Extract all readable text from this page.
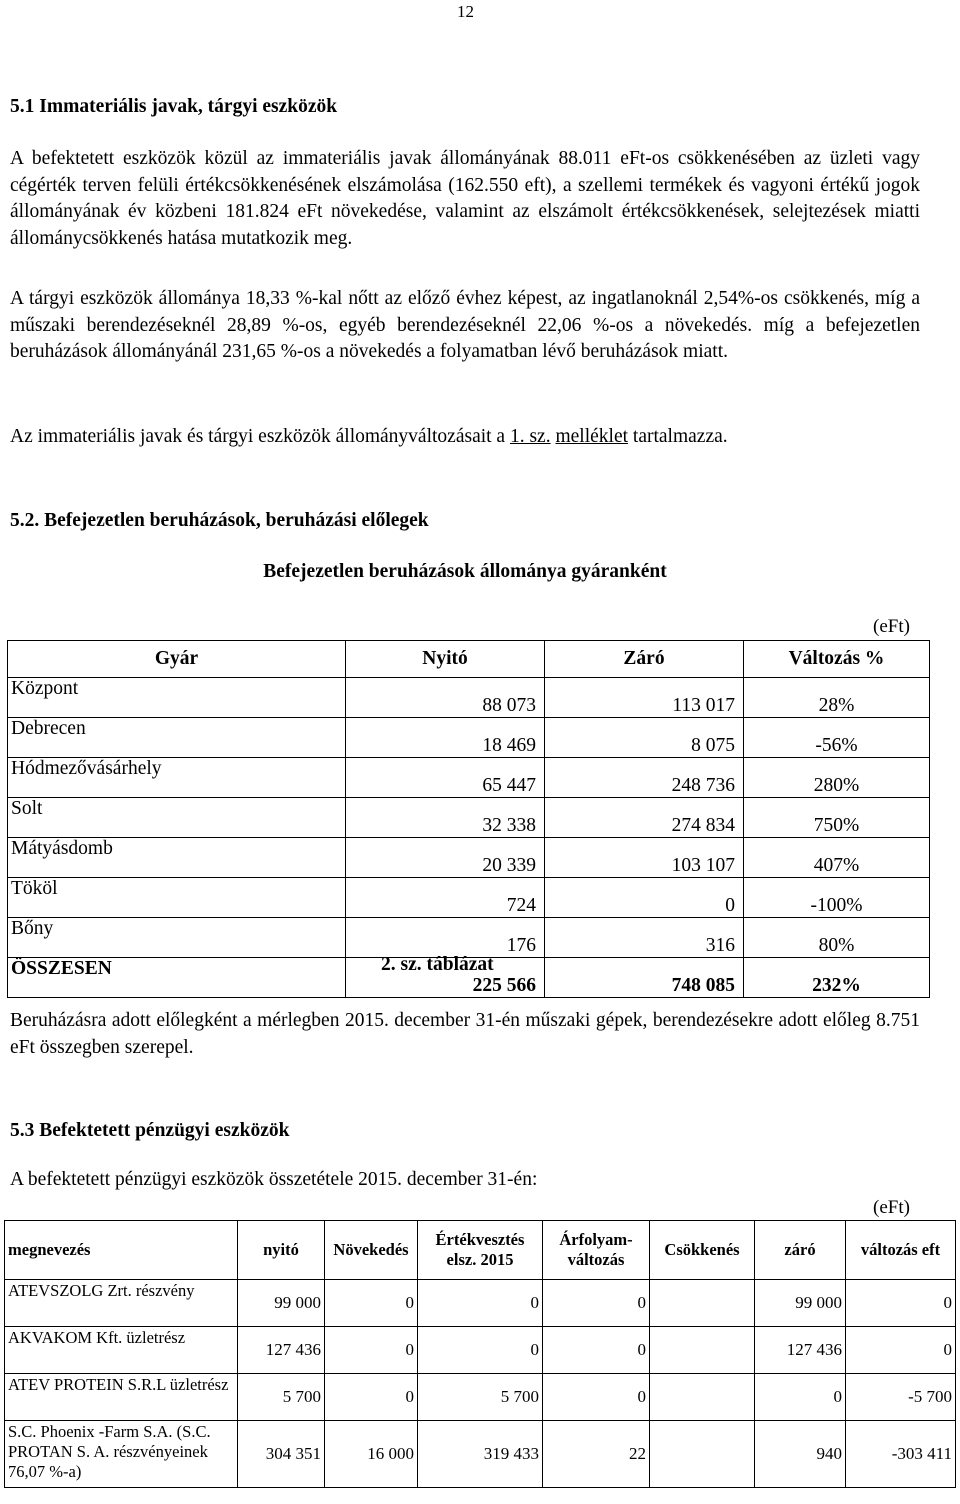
12
5.1 Immateriális javak, tárgyi eszközök
A befektetett eszközök közül az immateriális javak állományának 88.011 eFt-os csökkenésében az üzleti vagy cégérték terven felüli értékcsökkenésének elszámolása (162.550 eft), a szellemi termékek és vagyoni értékű jogok állományának év közbeni 181.824 eFt növekedése, valamint az elszámolt értékcsökkenések, selejtezések miatti állománycsökkenés hatása mutatkozik meg.
A tárgyi eszközök állománya 18,33 %-kal nőtt az előző évhez képest, az ingatlanoknál 2,54%-os csökkenés, míg a műszaki berendezéseknél 28,89 %-os, egyéb berendezéseknél 22,06 %-os a növekedés. míg a befejezetlen beruházások állományánál 231,65 %-os a növekedés a folyamatban lévő beruházások miatt.
Az immateriális javak és tárgyi eszközök állományváltozásait a 1. sz. melléklet tartalmazza.
5.2. Befejezetlen beruházások, beruházási előlegek
Befejezetlen beruházások állománya gyáranként
(eFt)
Gyár	Nyitó	Záró	Változás %
Központ	88 073	113 017	28%
Debrecen	18 469	8 075	-56%
Hódmezővásárhely	65 447	248 736	280%
Solt	32 338	274 834	750%
Mátyásdomb	20 339	103 107	407%
Tököl	724	0	-100%
Bőny	176	316	80%
ÖSSZESEN	225 566	748 085	232%
2. sz. táblázat
Beruházásra adott előlegként a mérlegben 2015. december 31-én műszaki gépek, berendezésekre adott előleg 8.751 eFt összegben szerepel.
5.3 Befektetett pénzügyi eszközök
A befektetett pénzügyi eszközök összetétele 2015. december 31-én:
(eFt)
megnevezés	nyitó	Növekedés	Értékvesztés elsz. 2015	Árfolyam-változás	Csökkenés	záró	változás eft
ATEVSZOLG Zrt. részvény	99 000	0	0	0		99 000	0
AKVAKOM Kft. üzletrész	127 436	0	0	0		127 436	0
ATEV PROTEIN S.R.L üzletrész	5 700	0	5 700	0		0	-5 700
S.C. Phoenix -Farm S.A. (S.C. PROTAN S. A. részvényeinek 76,07 %-a)	304 351	16 000	319 433	22		940	-303 411
